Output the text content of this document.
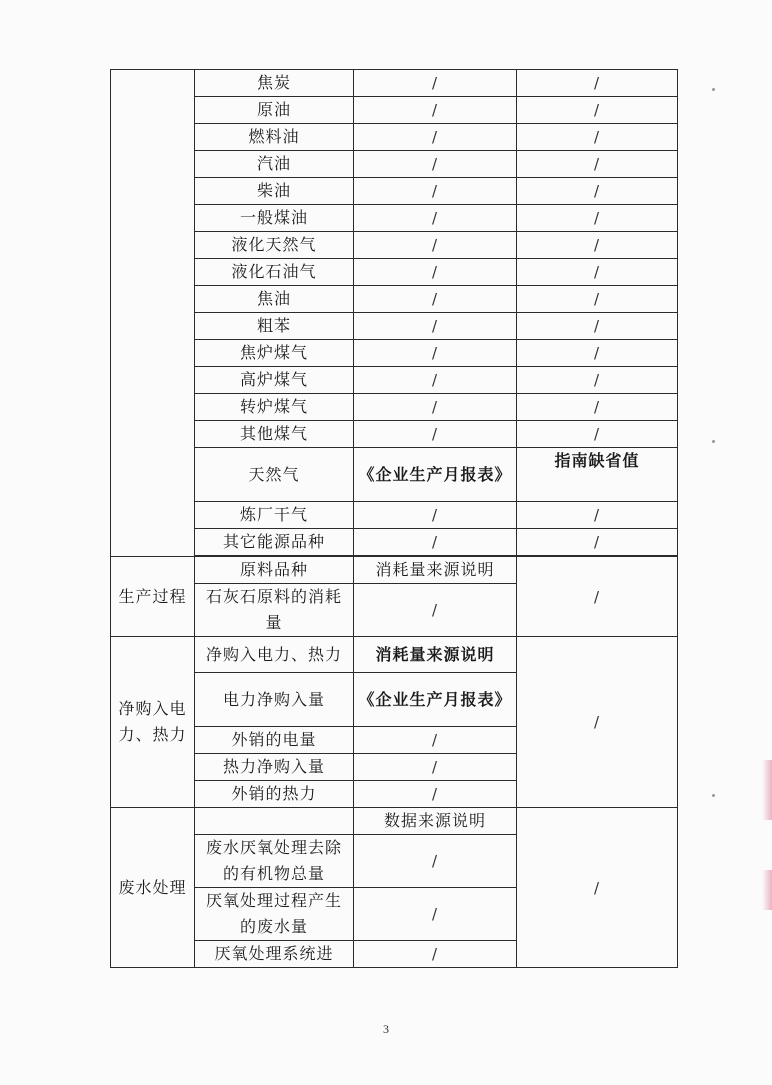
	焦炭	/	/
	原油	/	/
	燃料油	/	/
	汽油	/	/
	柴油	/	/
	一般煤油	/	/
	液化天然气	/	/
	液化石油气	/	/
	焦油	/	/
	粗苯	/	/
	焦炉煤气	/	/
	高炉煤气	/	/
	转炉煤气	/	/
	其他煤气	/	/
	天然气	《企业生产月报表》	指南缺省值
	炼厂干气	/	/
	其它能源品种	/	/

生产过程	原料品种	消耗量来源说明	/
	石灰石原料的消耗量	/	
净购入电力、热力	净购入电力、热力	消耗量来源说明	/
	电力净购入量	《企业生产月报表》	
	外销的电量	/	
	热力净购入量	/	
	外销的热力	/	
废水处理		数据来源说明	/
	废水厌氧处理去除的有机物总量	/	
	厌氧处理过程产生的废水量	/	
	厌氧处理系统进	/	
3
